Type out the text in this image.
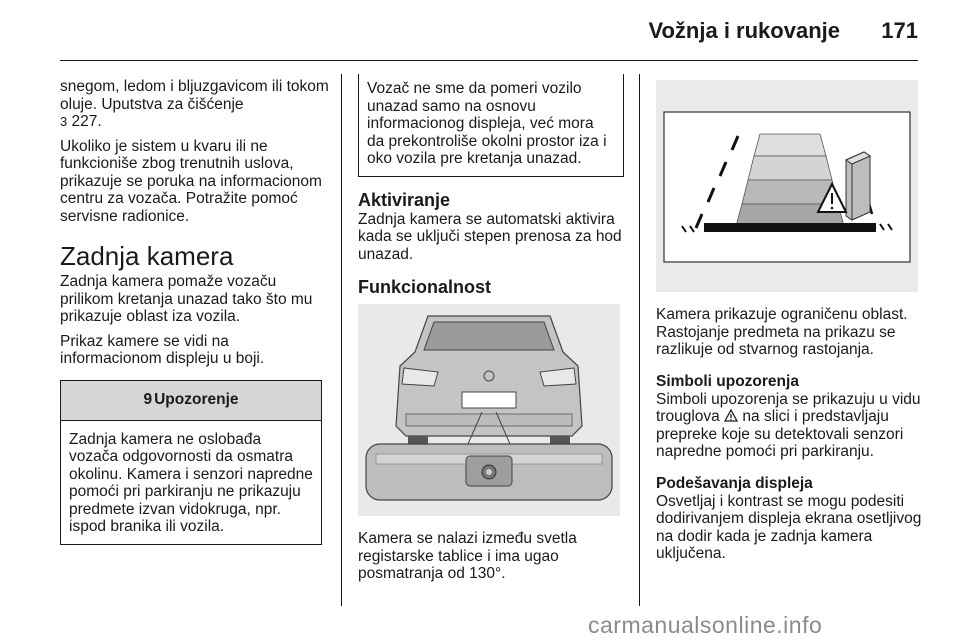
Vožnja i rukovanje 171

snegom, ledom i bljuzgavicom ili tokom oluje. Uputstva za čišćenje
3 227.

Ukoliko je sistem u kvaru ili ne funkcioniše zbog trenutnih uslova, prikazuje se poruka na informacionom centru za vozača. Potražite pomoć servisne radionice.

Zadnja kamera

Zadnja kamera pomaže vozaču prilikom kretanja unazad tako što mu prikazuje oblast iza vozila.

Prikaz kamere se vidi na informacionom displeju u boji.

9 Upozorenje
Zadnja kamera ne oslobađa vozača odgovornosti da osmatra okolinu. Kamera i senzori napredne pomoći pri parkiranju ne prikazuju predmete izvan vidokruga, npr. ispod branika ili vozila.
Vozač ne sme da pomeri vozilo unazad samo na osnovu informacionog displeja, već mora da prekontroliše okolni prostor iza i oko vozila pre kretanja unazad.
Aktiviranje

Zadnja kamera se automatski aktivira kada se uključi stepen prenosa za hod unazad.

Funkcionalnost

Kamera se nalazi između svetla registarske tablice i ima ugao posmatranja od 130°.

Kamera prikazuje ograničenu oblast. Rastojanje predmeta na prikazu se razlikuje od stvarnog rastojanja.

Simboli upozorenja

Simboli upozorenja se prikazuju u vidu trouglova na slici i predstavljaju prepreke koje su detektovali senzori napredne pomoći pri parkiranju.

Podešavanja displeja

Osvetljaj i kontrast se mogu podesiti dodirivanjem displeja ekrana osetljivog na dodir kada je zadnja kamera uključena.

carmanualsonline.info
